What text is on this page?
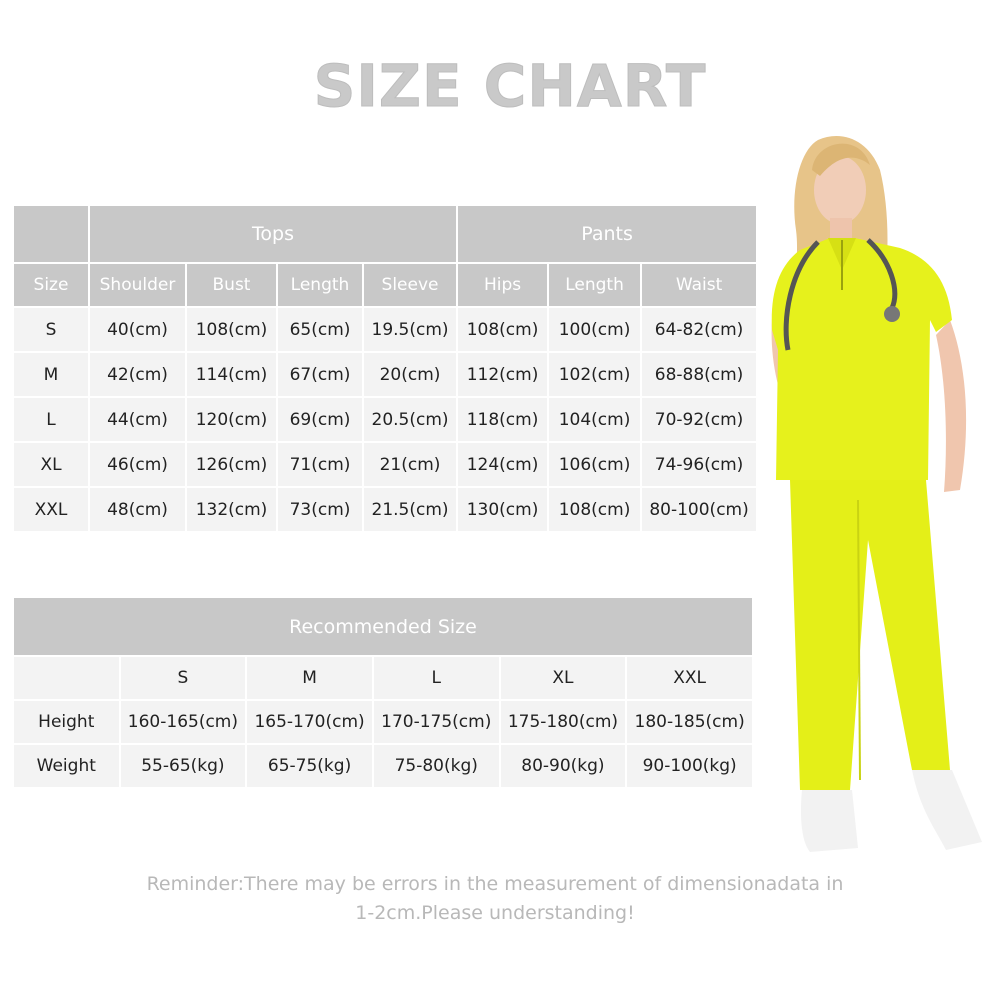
SIZE CHART
	Tops				Pants		
Size	Shoulder	Bust	Length	Sleeve	Hips	Length	Waist
S	40(cm)	108(cm)	65(cm)	19.5(cm)	108(cm)	100(cm)	64-82(cm)
M	42(cm)	114(cm)	67(cm)	20(cm)	112(cm)	102(cm)	68-88(cm)
L	44(cm)	120(cm)	69(cm)	20.5(cm)	118(cm)	104(cm)	70-92(cm)
XL	46(cm)	126(cm)	71(cm)	21(cm)	124(cm)	106(cm)	74-96(cm)
XXL	48(cm)	132(cm)	73(cm)	21.5(cm)	130(cm)	108(cm)	80-100(cm)
Recommended Size					
	S	M	L	XL	XXL
Height	160-165(cm)	165-170(cm)	170-175(cm)	175-180(cm)	180-185(cm)
Weight	55-65(kg)	65-75(kg)	75-80(kg)	80-90(kg)	90-100(kg)
Reminder:There may be errors in the measurement of dimensionadata in
1-2cm.Please understanding!
